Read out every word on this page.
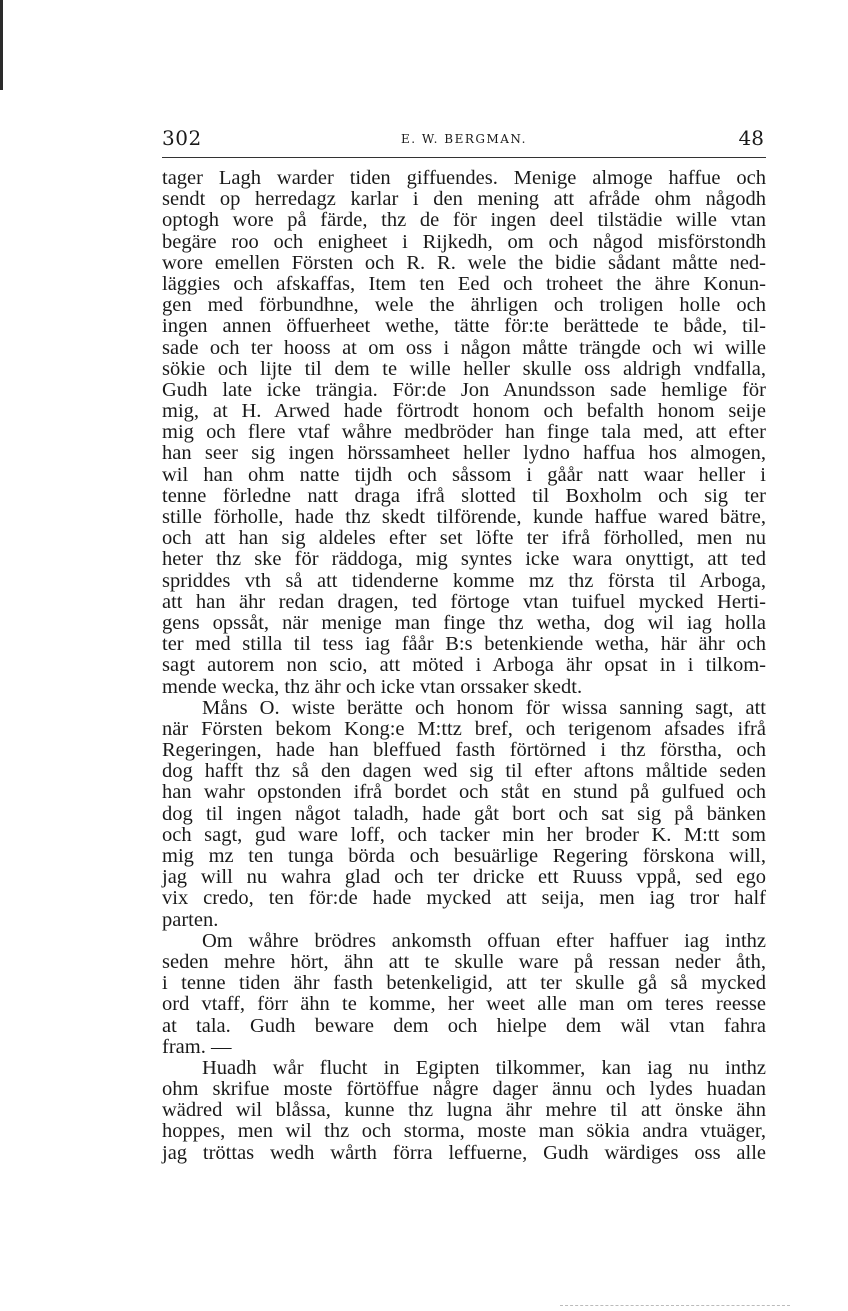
302	E. W. BERGMAN.	48
tager Lagh warder tiden giffuendes. Menige almoge haffue och
sendt op herredagz karlar i den mening att afråde ohm någodh
optogh wore på färde, thz de för ingen deel tilstädie wille vtan
begäre roo och enigheet i Rijkedh, om och någod misförstondh
wore emellen Försten och R. R. wele the bidie sådant måtte ned-
läggies och afskaffas, Item ten Eed och troheet the ähre Konun-
gen med förbundhne, wele the ährligen och troligen holle och
ingen annen öffuerheet wethe, tätte för:te berättede te både, til-
sade och ter hooss at om oss i någon måtte trängde och wi wille
sökie och lijte til dem te wille heller skulle oss aldrigh vndfalla,
Gudh late icke trängia. För:de Jon Anundsson sade hemlige för
mig, at H. Arwed hade förtrodt honom och befalth honom seije
mig och flere vtaf wåhre medbröder han finge tala med, att efter
han seer sig ingen hörssamheet heller lydno haffua hos almogen,
wil han ohm natte tijdh och såssom i gåår natt waar heller i
tenne förledne natt draga ifrå slotted til Boxholm och sig ter
stille förholle, hade thz skedt tilförende, kunde haffue wared bätre,
och att han sig aldeles efter set löfte ter ifrå förholled, men nu
heter thz ske för räddoga, mig syntes icke wara onyttigt, att ted
spriddes vth så att tidenderne komme mz thz första til Arboga,
att han ähr redan dragen, ted förtoge vtan tuifuel mycked Herti-
gens opssåt, när menige man finge thz wetha, dog wil iag holla
ter med stilla til tess iag fåår B:s betenkiende wetha, här ähr och
sagt autorem non scio, att möted i Arboga ähr opsat in i tilkom-
mende wecka, thz ähr och icke vtan orssaker skedt.
Måns O. wiste berätte och honom för wissa sanning sagt, att
när Försten bekom Kong:e M:ttz bref, och terigenom afsades ifrå
Regeringen, hade han bleffued fasth förtörned i thz förstha, och
dog hafft thz så den dagen wed sig til efter aftons måltide seden
han wahr opstonden ifrå bordet och ståt en stund på gulfued och
dog til ingen något taladh, hade gåt bort och sat sig på bänken
och sagt, gud ware loff, och tacker min her broder K. M:tt som
mig mz ten tunga börda och besuärlige Regering förskona will,
jag will nu wahra glad och ter dricke ett Ruuss vppå, sed ego
vix credo, ten för:de hade mycked att seija, men iag tror half
parten.
Om wåhre brödres ankomsth offuan efter haffuer iag inthz
seden mehre hört, ähn att te skulle ware på ressan neder åth,
i tenne tiden ähr fasth betenkeligid, att ter skulle gå så mycked
ord vtaff, förr ähn te komme, her weet alle man om teres reesse
at tala. Gudh beware dem och hielpe dem wäl vtan fahra
fram. —
Huadh wår flucht in Egipten tilkommer, kan iag nu inthz
ohm skrifue moste förtöffue någre dager ännu och lydes huadan
wädred wil blåssa, kunne thz lugna ähr mehre til att önske ähn
hoppes, men wil thz och storma, moste man sökia andra vtuäger,
jag tröttas wedh wårth förra leffuerne, Gudh wärdiges oss alle
